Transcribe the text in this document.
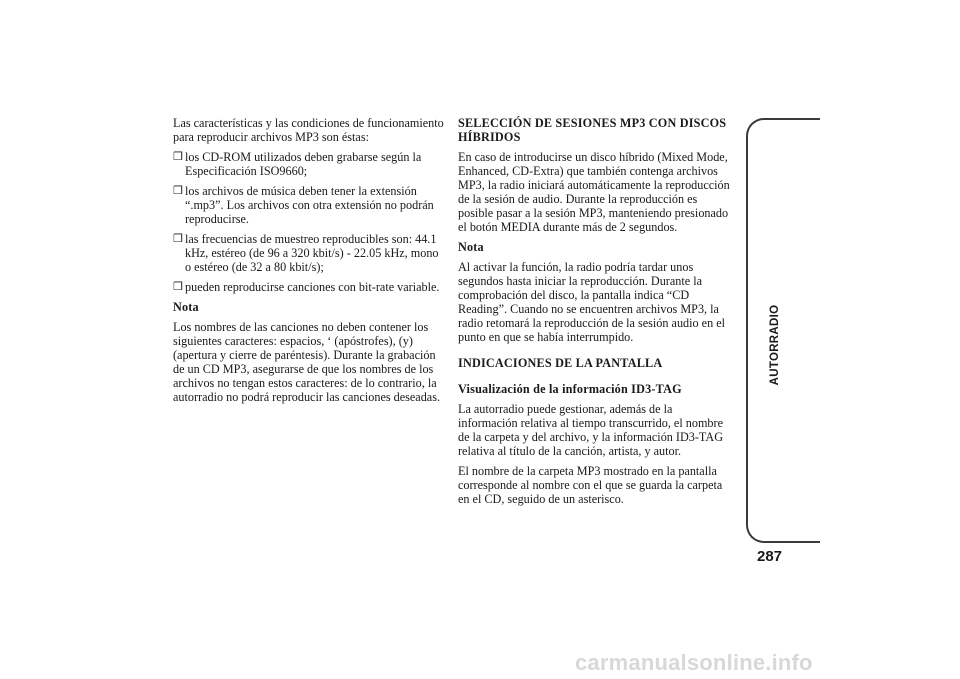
Las características y las condiciones de funcionamiento para reproducir archivos MP3 son éstas:

❒ los CD-ROM utilizados deben grabarse según la Especificación ISO9660;
❒ los archivos de música deben tener la extensión “.mp3”. Los archivos con otra extensión no podrán reproducirse.
❒ las frecuencias de muestreo reproducibles son: 44.1 kHz, estéreo (de 96 a 320 kbit/s) - 22.05 kHz, mono o estéreo (de 32 a 80 kbit/s);
❒ pueden reproducirse canciones con bit-rate variable.

Nota

Los nombres de las canciones no deben contener los siguientes caracteres: espacios, ‘ (apóstrofes), (y) (apertura y cierre de paréntesis). Durante la grabación de un CD MP3, asegurarse de que los nombres de los archivos no tengan estos caracteres: de lo contrario, la autorradio no podrá reproducir las canciones deseadas.

SELECCIÓN DE SESIONES MP3 CON DISCOS HÍBRIDOS

En caso de introducirse un disco híbrido (Mixed Mode, Enhanced, CD-Extra) que también contenga archivos MP3, la radio iniciará automáticamente la reproducción de la sesión de audio. Durante la reproducción es posible pasar a la sesión MP3, manteniendo presionado el botón MEDIA durante más de 2 segundos.

Nota

Al activar la función, la radio podría tardar unos segundos hasta iniciar la reproducción. Durante la comprobación del disco, la pantalla indica “CD Reading”. Cuando no se encuentren archivos MP3, la radio retomará la reproducción de la sesión audio en el punto en que se había interrumpido.

INDICACIONES DE LA PANTALLA

Visualización de la información ID3-TAG

La autorradio puede gestionar, además de la información relativa al tiempo transcurrido, el nombre de la carpeta y del archivo, y la información ID3-TAG relativa al título de la canción, artista, y autor.

El nombre de la carpeta MP3 mostrado en la pantalla corresponde al nombre con el que se guarda la carpeta en el CD, seguido de un asterisco.

AUTORRADIO
287
carmanualsonline.info
